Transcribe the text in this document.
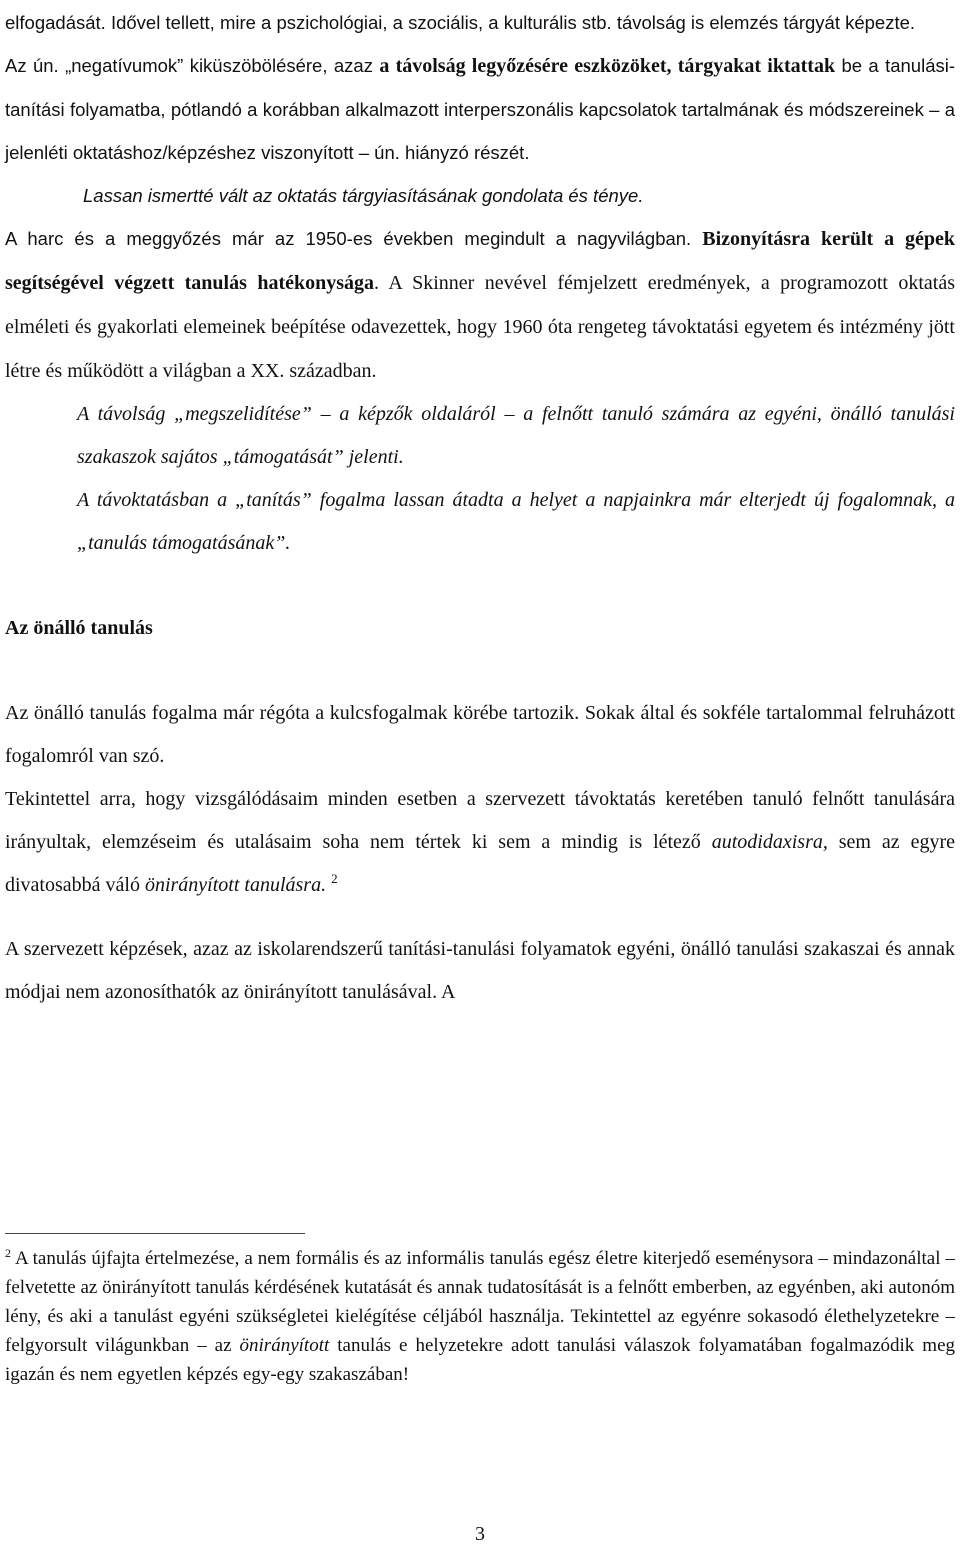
elfogadását. Idővel tellett, mire a pszichológiai, a szociális, a kulturális stb. távolság is elemzés tárgyát képezte.

Az ún. „negatívumok” kiküszöbölésére, azaz a távolság legyőzésére eszközöket, tárgyakat iktattak be a tanulási-tanítási folyamatba, pótlandó a korábban alkalmazott interperszonális kapcsolatok tartalmának és módszereinek – a jelenléti oktatáshoz/képzéshez viszonyított – ún. hiányzó részét.

Lassan ismertté vált az oktatás tárgyiasításának gondolata és ténye.

A harc és a meggyőzés már az 1950-es években megindult a nagyvilágban. Bizonyításra került a gépek segítségével végzett tanulás hatékonysága. A Skinner nevével fémjelzett eredmények, a programozott oktatás elméleti és gyakorlati elemeinek beépítése odavezettek, hogy 1960 óta rengeteg távoktatási egyetem és intézmény jött létre és működött a világban a XX. században.

A távolság „megszelidítése” – a képzők oldaláról – a felnőtt tanuló számára az egyéni, önálló tanulási szakaszok sajátos „támogatását” jelenti.

A távoktatásban a „tanítás” fogalma lassan átadta a helyet a napjainkra már elterjedt új fogalomnak, a „tanulás támogatásának”.

Az önálló tanulás

Az önálló tanulás fogalma már régóta a kulcsfogalmak körébe tartozik. Sokak által és sokféle tartalommal felruházott fogalomról van szó.

Tekintettel arra, hogy vizsgálódásaim minden esetben a szervezett távoktatás keretében tanuló felnőtt tanulására irányultak, elemzéseim és utalásaim soha nem tértek ki sem a mindig is létező autodidaxisra, sem az egyre divatosabbá váló önirányított tanulásra. $^2$

A szervezett képzések, azaz az iskolarendszerű tanítási-tanulási folyamatok egyéni, önálló tanulási szakaszai és annak módjai nem azonosíthatók az önirányított tanulásával. A

$^2$ A tanulás újfajta értelmezése, a nem formális és az informális tanulás egész életre kiterjedő eseménysora – mindazonáltal – felvetette az önirányított tanulás kérdésének kutatását és annak tudatosítását is a felnőtt emberben, az egyénben, aki autonóm lény, és aki a tanulást egyéni szükségletei kielégítése céljából használja. Tekintettel az egyénre sokasodó élethelyzetekre – felgyorsult világunkban – az önirányított tanulás e helyzetekre adott tanulási válaszok folyamatában fogalmazódik meg igazán és nem egyetlen képzés egy-egy szakaszában!
3
